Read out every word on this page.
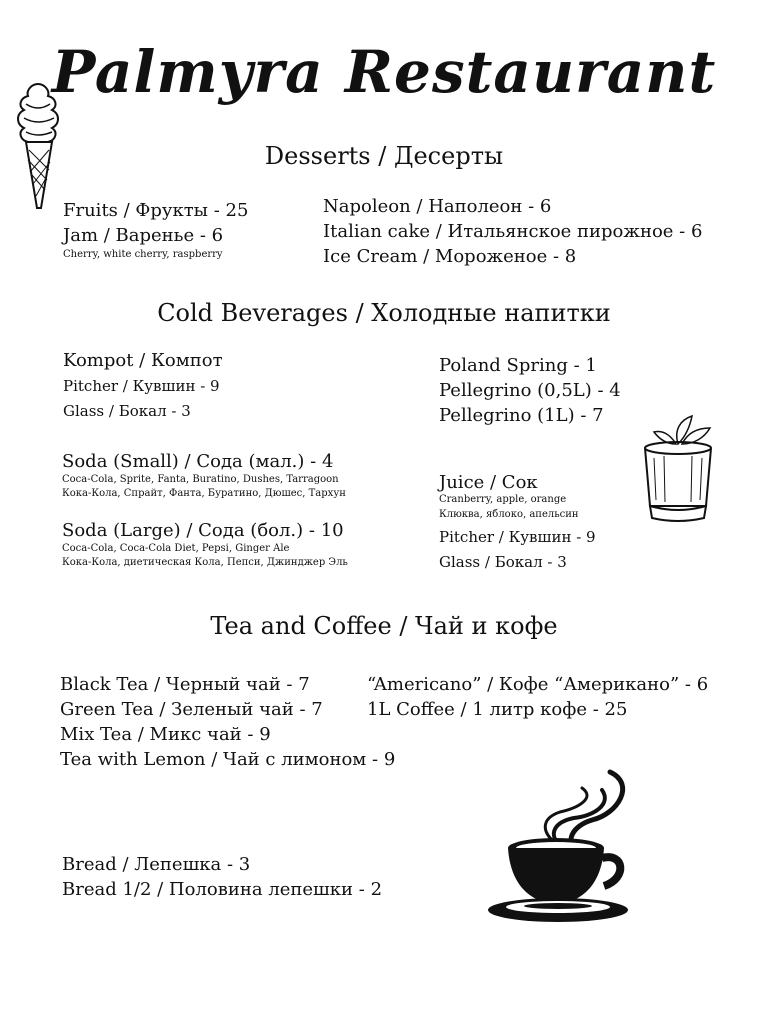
Palmyra Restaurant
Desserts / Десерты
Fruits / Фрукты - 25
Jam / Варенье - 6
Cherry, white cherry, raspberry
Napoleon / Наполеон - 6
Italian cake / Итальянское пирожное - 6
Ice Cream / Мороженое - 8
Cold Beverages / Холодные напитки
Kompot / Компот
Pitcher / Кувшин - 9
Glass / Бокал - 3
Soda (Small) / Сода (мал.) - 4
Coca-Cola, Sprite, Fanta, Buratino, Dushes, Tarragoon
Кока-Кола, Спрайт, Фанта, Буратино, Дюшес, Тархун
Soda (Large) / Сода (бол.) - 10
Coca-Cola, Coca-Cola Diet, Pepsi, Ginger Ale
Кока-Кола, диетическая Кола, Пепси, Джинджер Эль
Poland Spring - 1
Pellegrino (0,5L) - 4
Pellegrino (1L) - 7
Juice / Сок
Cranberry, apple, orange
Клюква, яблоко, апельсин
Pitcher / Кувшин - 9
Glass / Бокал - 3
Tea and Coffee / Чай и кофе
Black Tea / Черный чай - 7
Green Tea / Зеленый чай - 7
Mix Tea / Микс чай - 9
Tea with Lemon / Чай с лимоном - 9
“Americano” / Кофе “Американо” - 6
1L Coffee / 1 литр кофе - 25
Bread / Лепешка - 3
Bread 1/2 / Половина лепешки - 2
